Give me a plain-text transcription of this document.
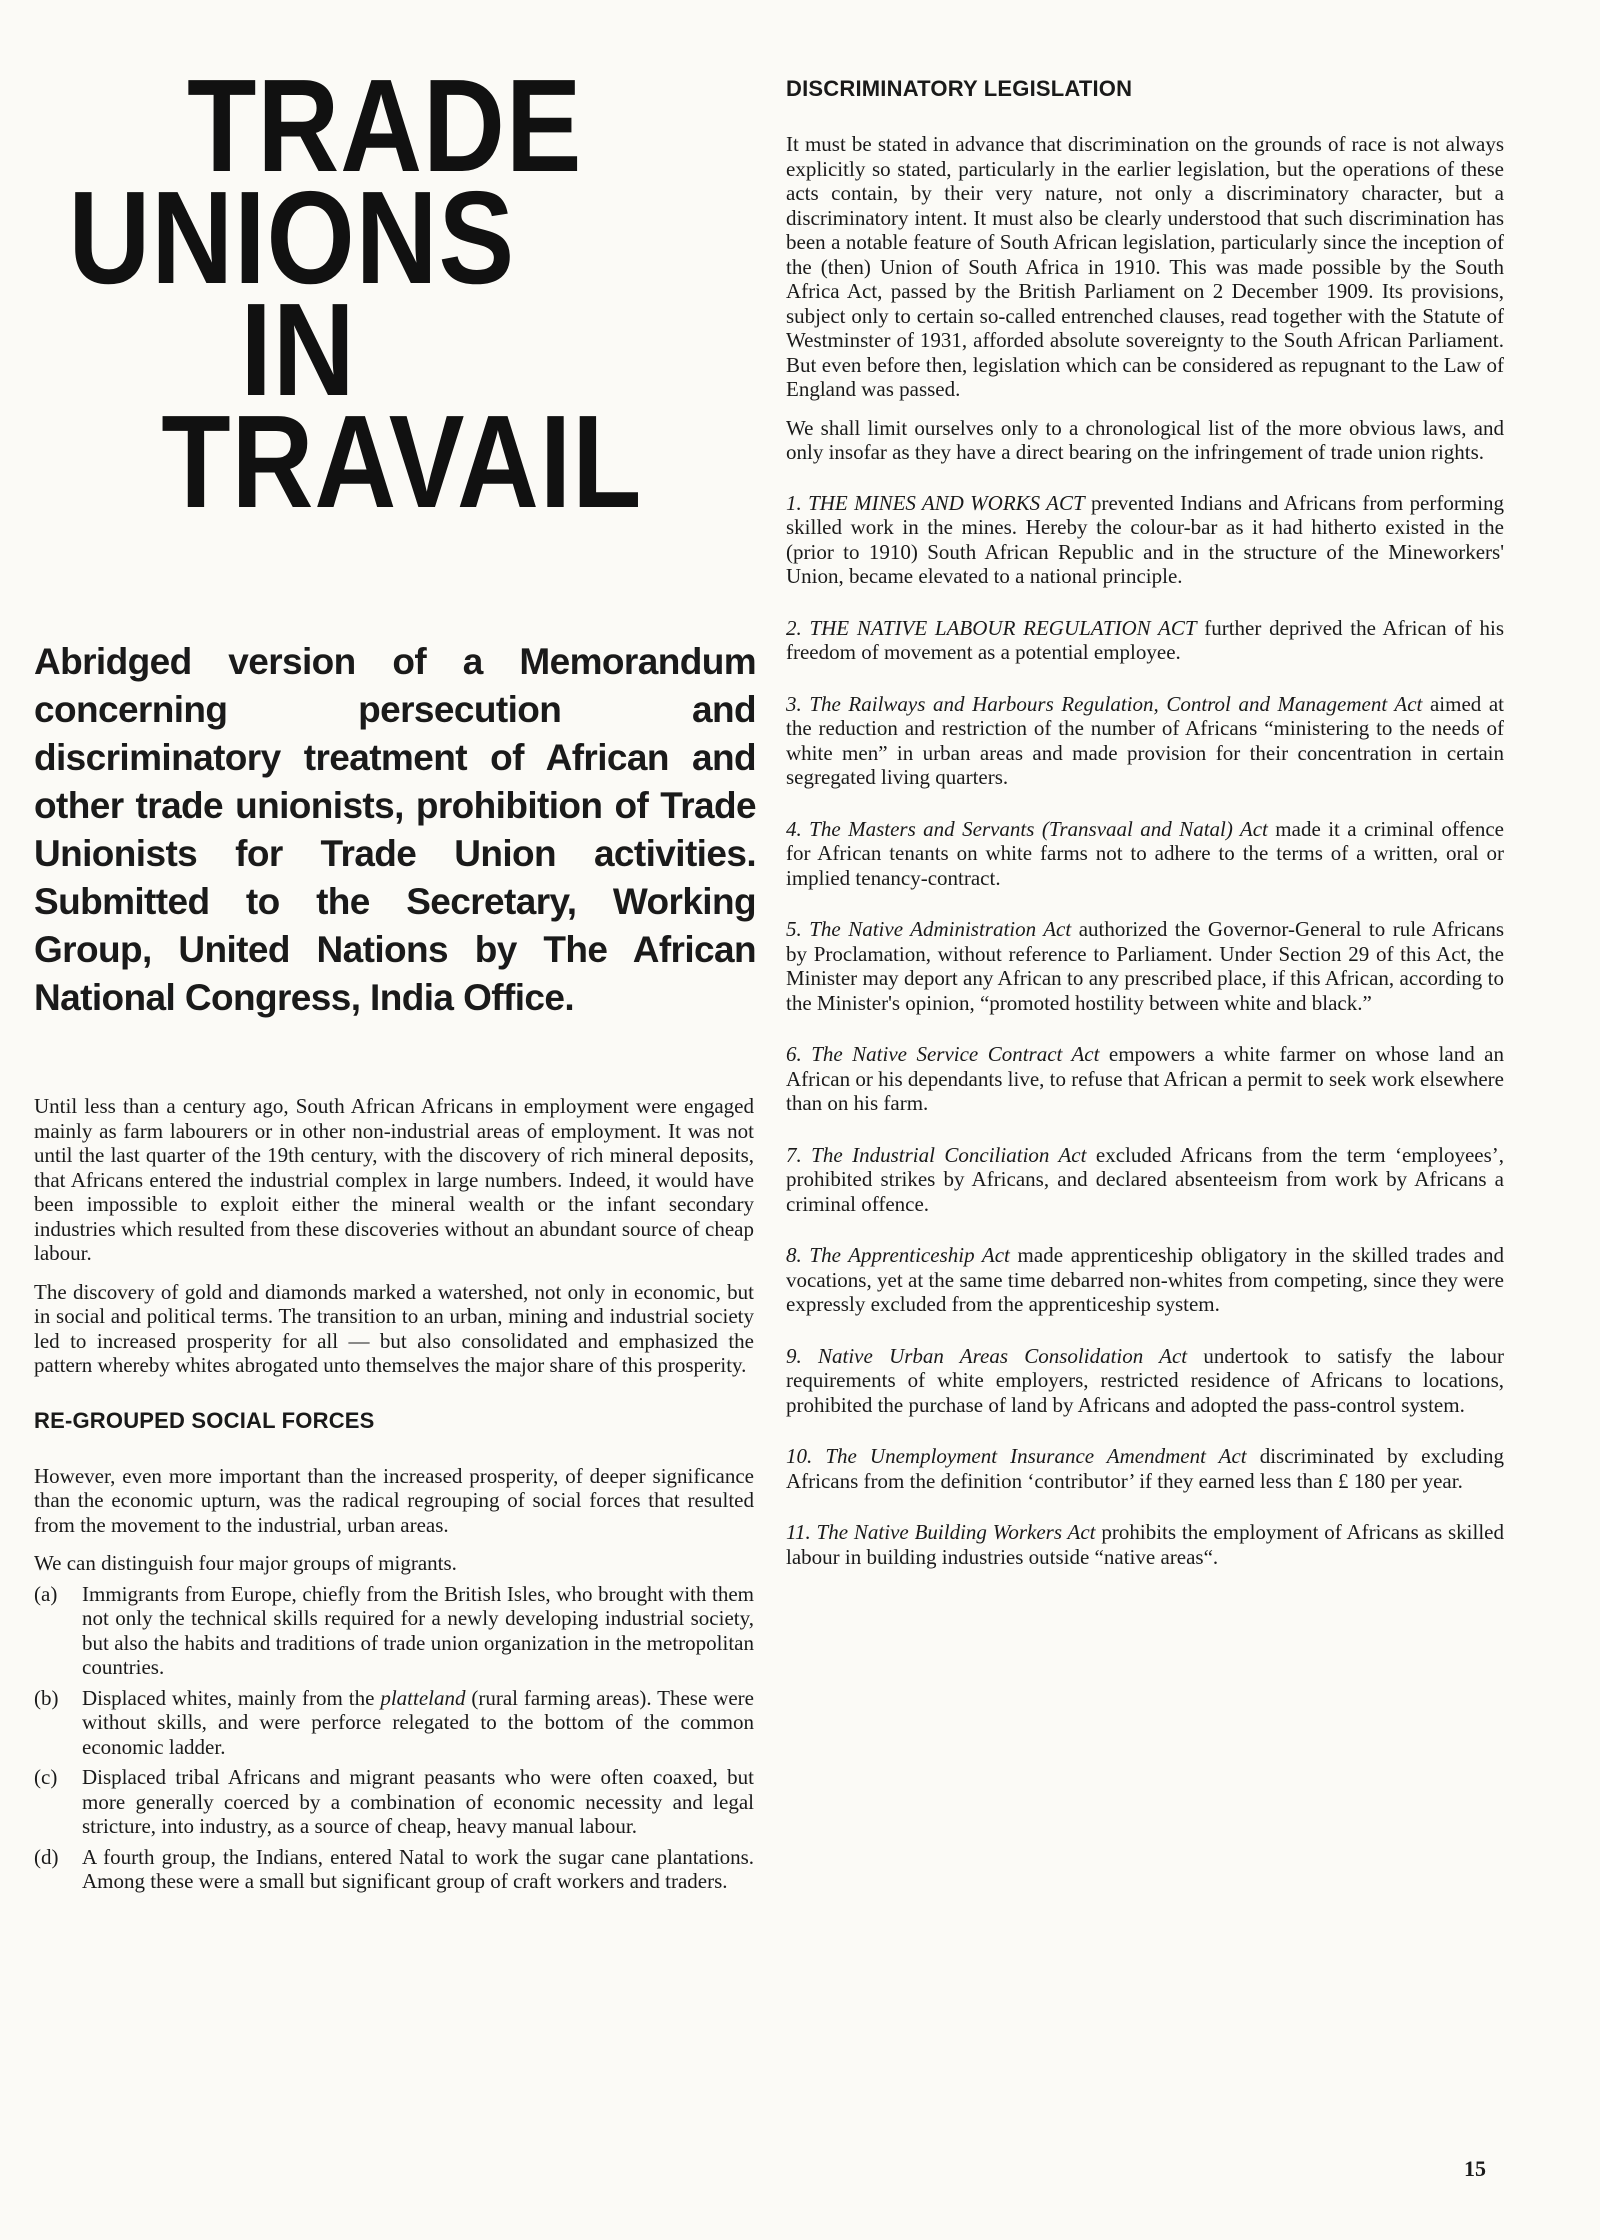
TRADE
UNIONS
IN
TRAVAIL
Abridged version of a Memorandum concerning persecution and discriminatory treatment of African and other trade unionists, prohibition of Trade Unionists for Trade Union activities. Submitted to the Secretary, Working Group, United Nations by The African National Congress, India Office.

Until less than a century ago, South African Africans in employment were engaged mainly as farm labourers or in other non-industrial areas of employment. It was not until the last quarter of the 19th century, with the discovery of rich mineral deposits, that Africans entered the industrial complex in large numbers. Indeed, it would have been impossible to exploit either the mineral wealth or the infant secondary industries which resulted from these discoveries without an abundant source of cheap labour.

The discovery of gold and diamonds marked a watershed, not only in economic, but in social and political terms. The transition to an urban, mining and industrial society led to increased prosperity for all — but also consolidated and emphasized the pattern whereby whites abrogated unto themselves the major share of this prosperity.

RE-GROUPED SOCIAL FORCES

However, even more important than the increased prosperity, of deeper significance than the economic upturn, was the radical regrouping of social forces that resulted from the movement to the industrial, urban areas.

We can distinguish four major groups of migrants.

(a) Immigrants from Europe, chiefly from the British Isles, who brought with them not only the technical skills required for a newly developing industrial society, but also the habits and traditions of trade union organization in the metropolitan countries.
(b) Displaced whites, mainly from the platteland (rural farming areas). These were without skills, and were perforce relegated to the bottom of the common economic ladder.
(c) Displaced tribal Africans and migrant peasants who were often coaxed, but more generally coerced by a combination of economic necessity and legal stricture, into industry, as a source of cheap, heavy manual labour.
(d) A fourth group, the Indians, entered Natal to work the sugar cane plantations. Among these were a small but significant group of craft workers and traders.
DISCRIMINATORY LEGISLATION

It must be stated in advance that discrimination on the grounds of race is not always explicitly so stated, particularly in the earlier legislation, but the operations of these acts contain, by their very nature, not only a discriminatory character, but a discriminatory intent. It must also be clearly understood that such discrimination has been a notable feature of South African legislation, particularly since the inception of the (then) Union of South Africa in 1910. This was made possible by the South Africa Act, passed by the British Parliament on 2 December 1909. Its provisions, subject only to certain so-called entrenched clauses, read together with the Statute of Westminster of 1931, afforded absolute sovereignty to the South African Parliament. But even before then, legislation which can be considered as repugnant to the Law of England was passed.

We shall limit ourselves only to a chronological list of the more obvious laws, and only insofar as they have a direct bearing on the infringement of trade union rights.

1. THE MINES AND WORKS ACT prevented Indians and Africans from performing skilled work in the mines. Hereby the colour-bar as it had hitherto existed in the (prior to 1910) South African Republic and in the structure of the Mineworkers' Union, became elevated to a national principle.

2. THE NATIVE LABOUR REGULATION ACT further deprived the African of his freedom of movement as a potential employee.

3. The Railways and Harbours Regulation, Control and Management Act aimed at the reduction and restriction of the number of Africans “ministering to the needs of white men” in urban areas and made provision for their concentration in certain segregated living quarters.

4. The Masters and Servants (Transvaal and Natal) Act made it a criminal offence for African tenants on white farms not to adhere to the terms of a written, oral or implied tenancy-contract.

5. The Native Administration Act authorized the Governor-General to rule Africans by Proclamation, without reference to Parliament. Under Section 29 of this Act, the Minister may deport any African to any prescribed place, if this African, according to the Minister's opinion, “promoted hostility between white and black.”

6. The Native Service Contract Act empowers a white farmer on whose land an African or his dependants live, to refuse that African a permit to seek work elsewhere than on his farm.

7. The Industrial Conciliation Act excluded Africans from the term ‘employees’, prohibited strikes by Africans, and declared absenteeism from work by Africans a criminal offence.

8. The Apprenticeship Act made apprenticeship obligatory in the skilled trades and vocations, yet at the same time debarred non-whites from competing, since they were expressly excluded from the apprenticeship system.

9. Native Urban Areas Consolidation Act undertook to satisfy the labour requirements of white employers, restricted residence of Africans to locations, prohibited the purchase of land by Africans and adopted the pass-control system.

10. The Unemployment Insurance Amendment Act discriminated by excluding Africans from the definition ‘contributor’ if they earned less than £ 180 per year.

11. The Native Building Workers Act prohibits the employment of Africans as skilled labour in building industries outside “native areas“.

15
